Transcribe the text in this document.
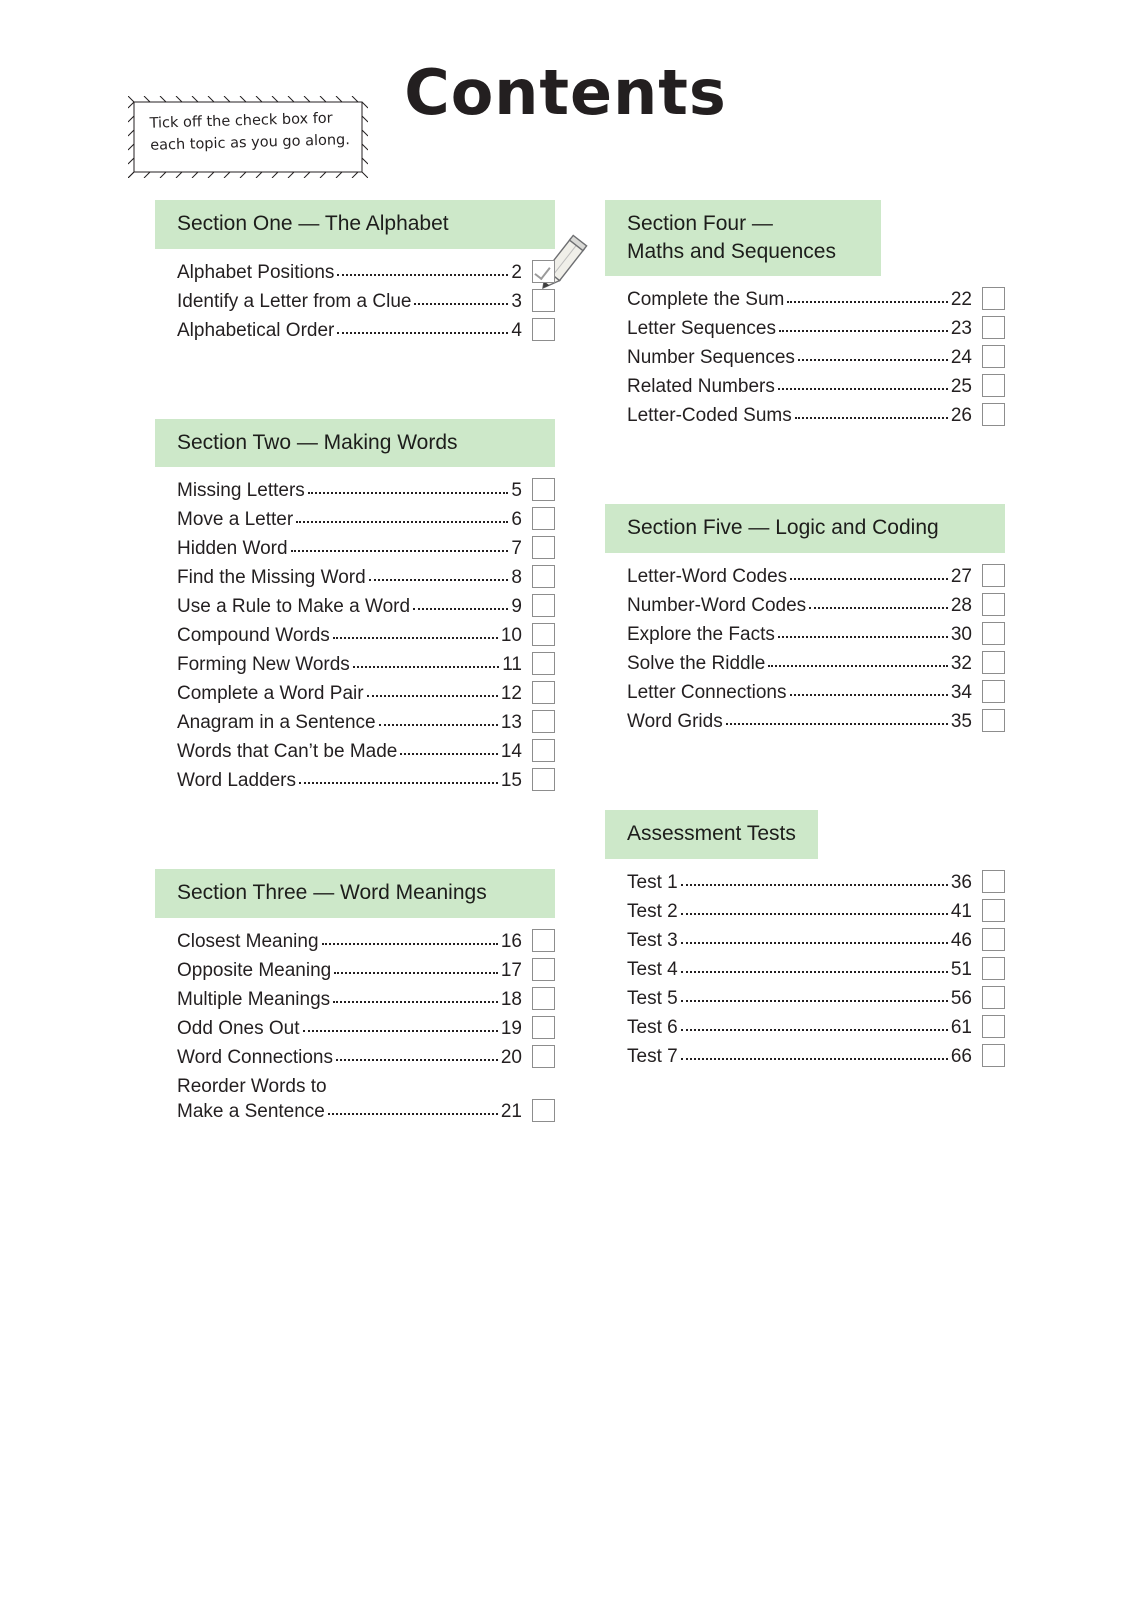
Contents
Tick off the check box for each topic as you go along.
Section One — The Alphabet
Alphabet Positions	2
Identify a Letter from a Clue	3
Alphabetical Order	4
Section Two — Making Words
Missing Letters	5
Move a Letter	6
Hidden Word	7
Find the Missing Word	8
Use a Rule to Make a Word	9
Compound Words	10
Forming New Words	11
Complete a Word Pair	12
Anagram in a Sentence	13
Words that Can’t be Made	14
Word Ladders	15
Section Three — Word Meanings
Closest Meaning	16
Opposite Meaning	17
Multiple Meanings	18
Odd Ones Out	19
Word Connections	20
Reorder Words to
Make a Sentence	21
Section Four —
Maths and Sequences
Complete the Sum	22
Letter Sequences	23
Number Sequences	24
Related Numbers	25
Letter-Coded Sums	26
Section Five — Logic and Coding
Letter-Word Codes	27
Number-Word Codes	28
Explore the Facts	30
Solve the Riddle	32
Letter Connections	34
Word Grids	35
Assessment Tests
Test 1	36
Test 2	41
Test 3	46
Test 4	51
Test 5	56
Test 6	61
Test 7	66
